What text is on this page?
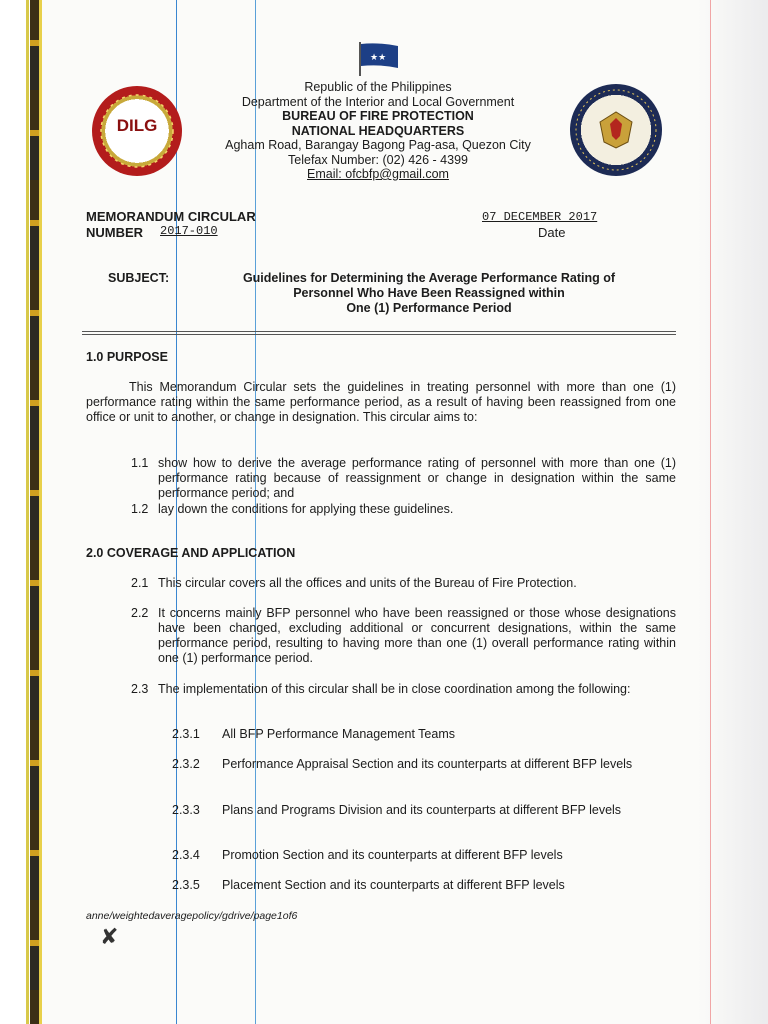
★★
DILG
Republic of the Philippines
Department of the Interior and Local Government
BUREAU OF FIRE PROTECTION
NATIONAL HEADQUARTERS
Agham Road, Barangay Bagong Pag-asa, Quezon City
Telefax Number: (02) 426 - 4399
Email: ofcbfp@gmail.com
MEMORANDUM CIRCULAR
NUMBER 2017-010
07 DECEMBER 2017
Date
SUBJECT:	Guidelines for Determining the Average Performance Rating of
Personnel Who Have Been Reassigned within
One (1) Performance Period
1.0 PURPOSE
This Memorandum Circular sets the guidelines in treating personnel with more than one (1) performance rating within the same performance period, as a result of having been reassigned from one office or unit to another, or change in designation. This circular aims to:
1.1 show how to derive the average performance rating of personnel with more than one (1) performance rating because of reassignment or change in designation within the same performance period; and
1.2 lay down the conditions for applying these guidelines.
2.0 COVERAGE AND APPLICATION
2.1 This circular covers all the offices and units of the Bureau of Fire Protection.
2.2 It concerns mainly BFP personnel who have been reassigned or those whose designations have been changed, excluding additional or concurrent designations, within the same performance period, resulting to having more than one (1) overall performance rating within one (1) performance period.
2.3 The implementation of this circular shall be in close coordination among the following:
2.3.1 All BFP Performance Management Teams
2.3.2 Performance Appraisal Section and its counterparts at different BFP levels
2.3.3 Plans and Programs Division and its counterparts at different BFP levels
2.3.4 Promotion Section and its counterparts at different BFP levels
2.3.5 Placement Section and its counterparts at different BFP levels
anne/weightedaveragepolicy/gdrive/page1of6
✘
